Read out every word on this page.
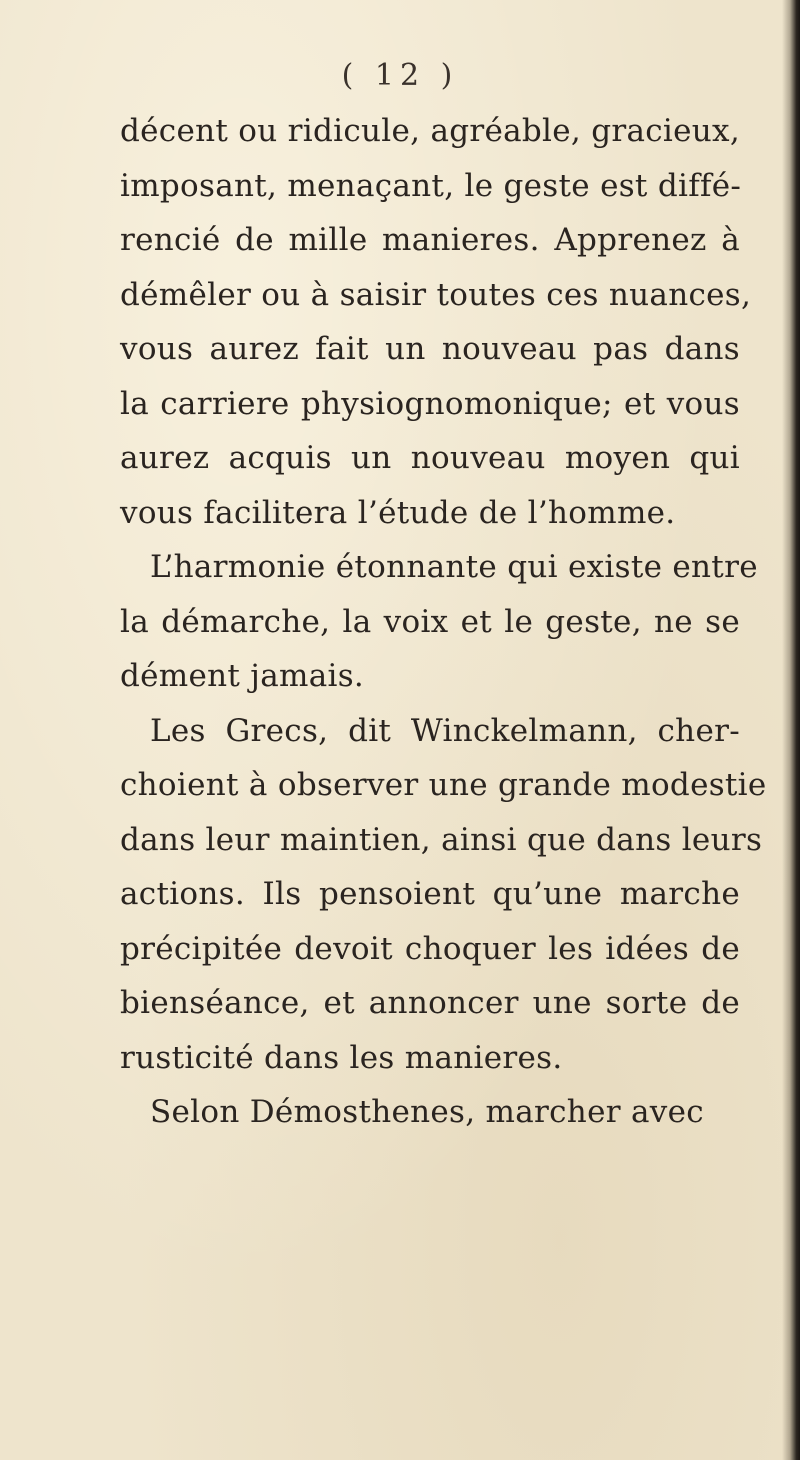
( 12 )
décent ou ridicule, agréable, gracieux,
imposant, menaçant, le geste est diffé-
rencié de mille manieres. Apprenez à
démêler ou à saisir toutes ces nuances,
vous aurez fait un nouveau pas dans
la carriere physiognomonique; et vous
aurez acquis un nouveau moyen qui
vous facilitera l’étude de l’homme.
L’harmonie étonnante qui existe entre
la démarche, la voix et le geste, ne se
dément jamais.
Les Grecs, dit Winckelmann, cher-
choient à observer une grande modestie
dans leur maintien, ainsi que dans leurs
actions. Ils pensoient qu’une marche
précipitée devoit choquer les idées de
bienséance, et annoncer une sorte de
rusticité dans les manieres.
Selon Démosthenes, marcher avec
